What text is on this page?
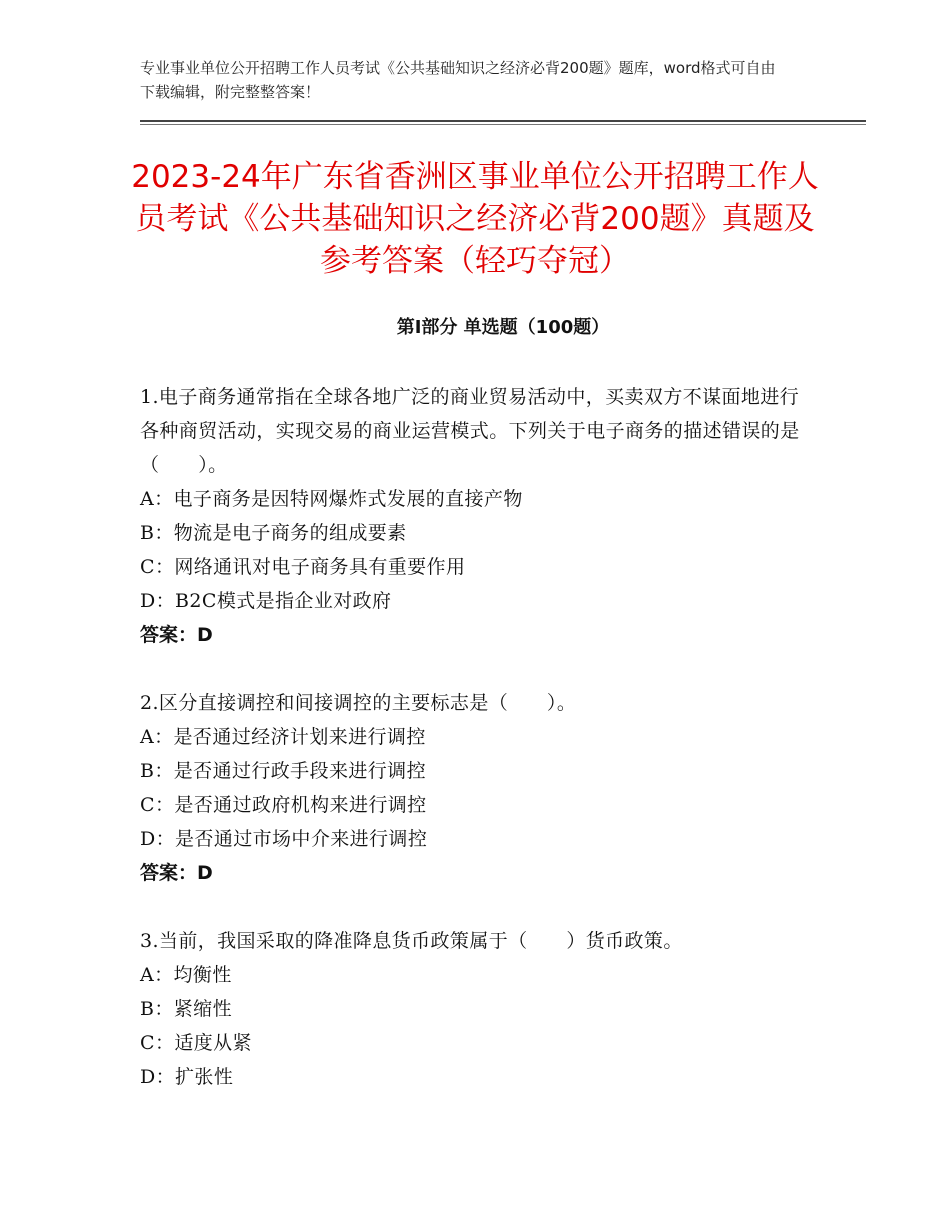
专业事业单位公开招聘工作人员考试《公共基础知识之经济必背200题》题库，word格式可自由下载编辑，附完整整答案！
2023-24年广东省香洲区事业单位公开招聘工作人员考试《公共基础知识之经济必背200题》真题及参考答案（轻巧夺冠）
第Ⅰ部分 单选题（100题）
1.电子商务通常指在全球各地广泛的商业贸易活动中，买卖双方不谋面地进行各种商贸活动，实现交易的商业运营模式。下列关于电子商务的描述错误的是（　　）。
A：电子商务是因特网爆炸式发展的直接产物
B：物流是电子商务的组成要素
C：网络通讯对电子商务具有重要作用
D：B2C模式是指企业对政府
答案：D
2.区分直接调控和间接调控的主要标志是（　　）。
A：是否通过经济计划来进行调控
B：是否通过行政手段来进行调控
C：是否通过政府机构来进行调控
D：是否通过市场中介来进行调控
答案：D
3.当前，我国采取的降准降息货币政策属于（　　）货币政策。
A：均衡性
B：紧缩性
C：适度从紧
D：扩张性
